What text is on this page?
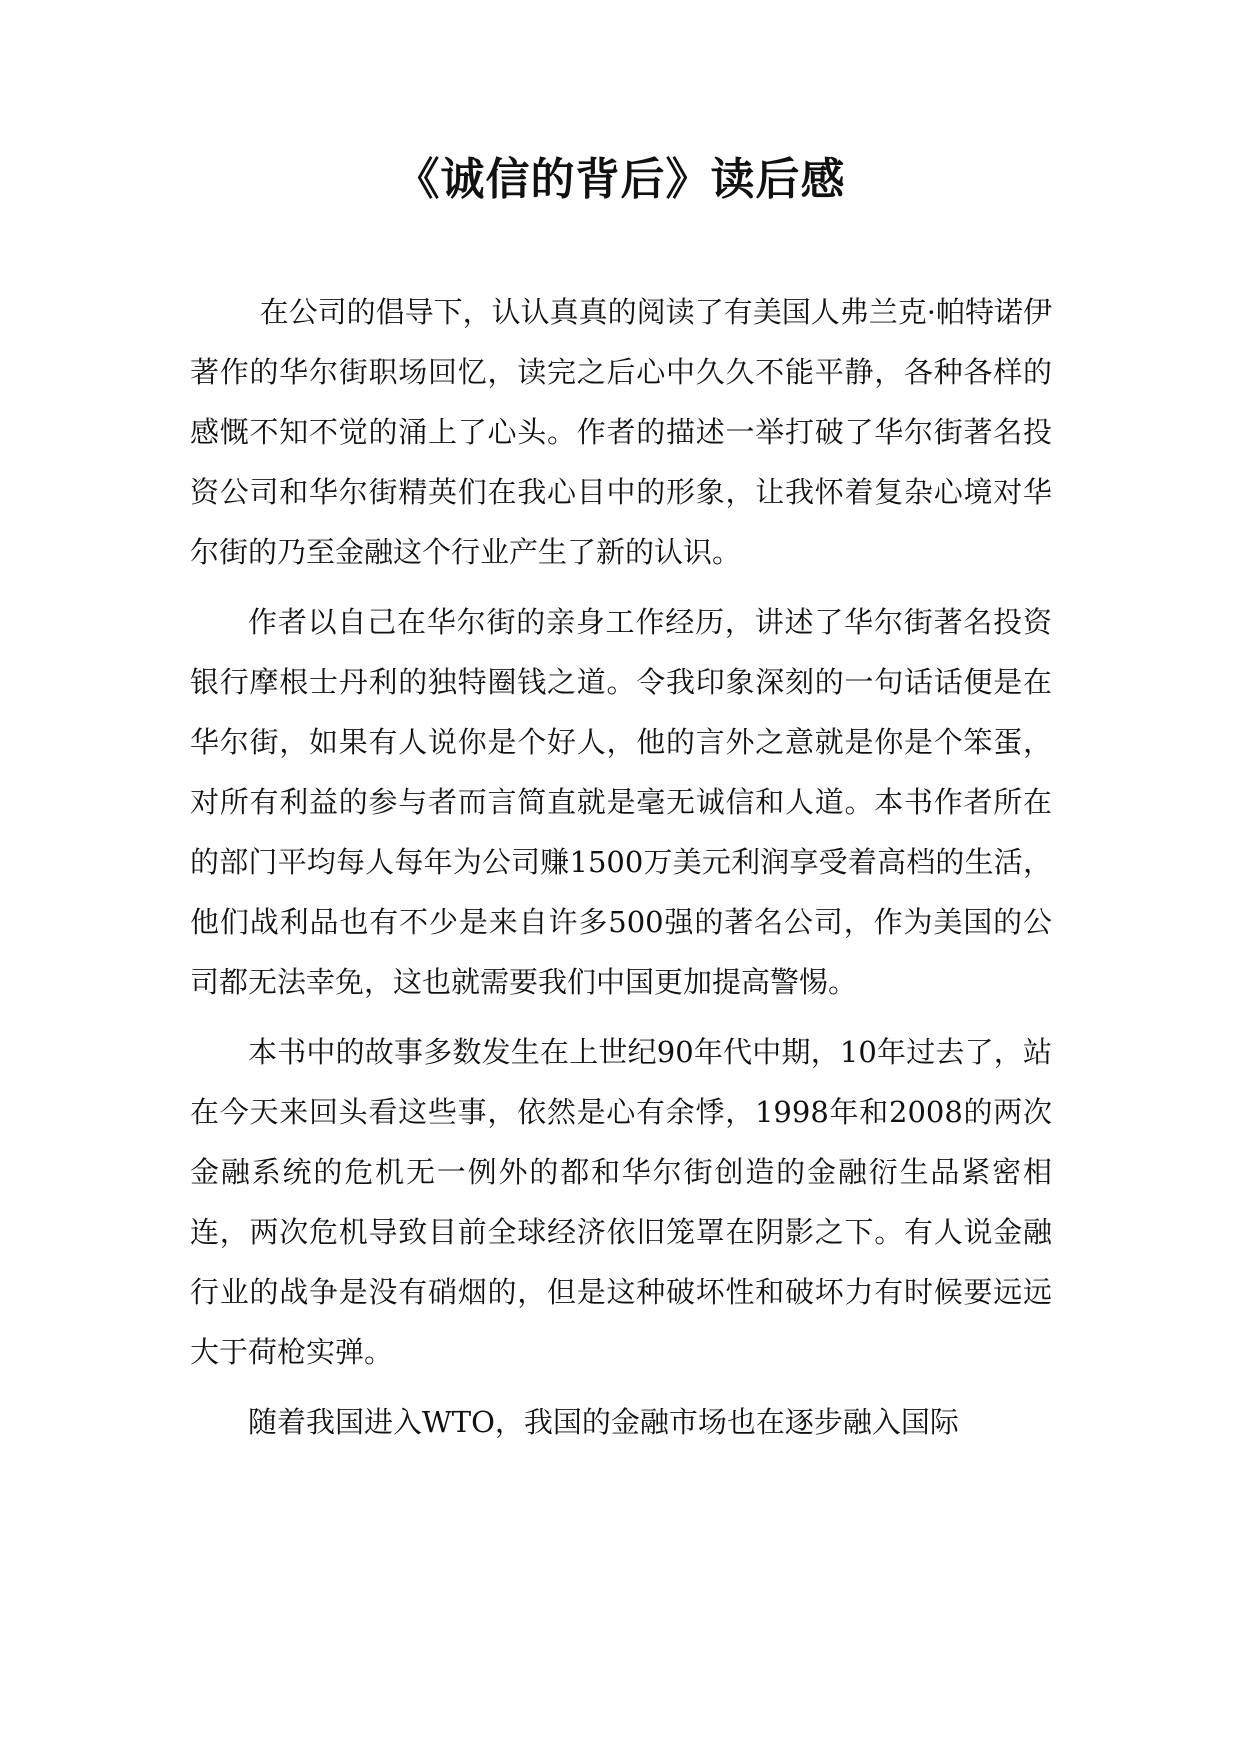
《诚信的背后》读后感

在公司的倡导下，认认真真的阅读了有美国人弗兰克·帕特诺伊著作的华尔街职场回忆，读完之后心中久久不能平静，各种各样的感慨不知不觉的涌上了心头。作者的描述一举打破了华尔街著名投资公司和华尔街精英们在我心目中的形象，让我怀着复杂心境对华尔街的乃至金融这个行业产生了新的认识。

作者以自己在华尔街的亲身工作经历，讲述了华尔街著名投资银行摩根士丹利的独特圈钱之道。令我印象深刻的一句话话便是在华尔街，如果有人说你是个好人，他的言外之意就是你是个笨蛋，对所有利益的参与者而言简直就是毫无诚信和人道。本书作者所在的部门平均每人每年为公司赚1500万美元利润享受着高档的生活，他们战利品也有不少是来自许多500强的著名公司，作为美国的公司都无法幸免，这也就需要我们中国更加提高警惕。

本书中的故事多数发生在上世纪90年代中期，10年过去了，站在今天来回头看这些事，依然是心有余悸，1998年和2008的两次金融系统的危机无一例外的都和华尔街创造的金融衍生品紧密相连，两次危机导致目前全球经济依旧笼罩在阴影之下。有人说金融行业的战争是没有硝烟的，但是这种破坏性和破坏力有时候要远远大于荷枪实弹。

随着我国进入WTO，我国的金融市场也在逐步融入国际
